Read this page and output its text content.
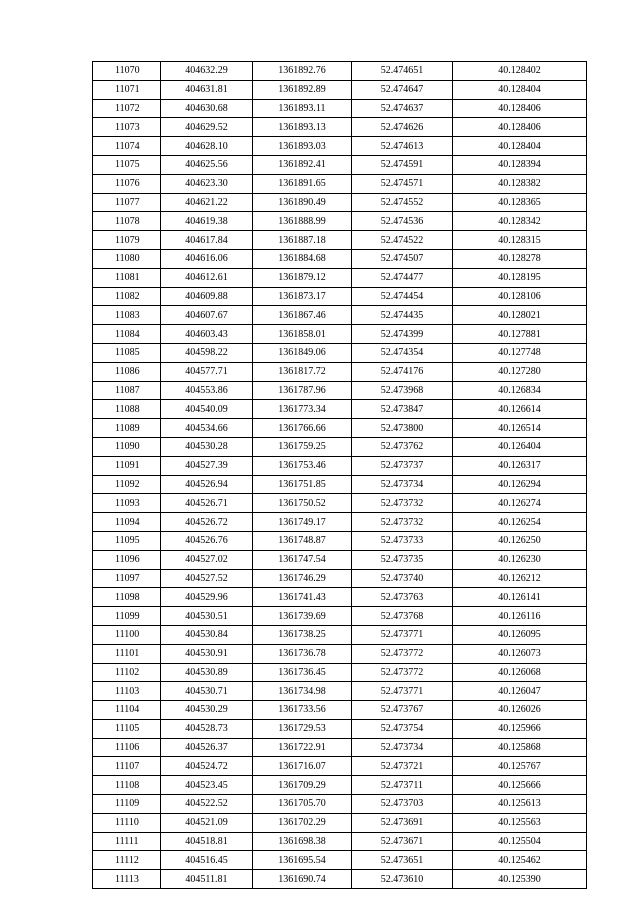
11070	404632.29	1361892.76	52.474651	40.128402
11071	404631.81	1361892.89	52.474647	40.128404
11072	404630.68	1361893.11	52.474637	40.128406
11073	404629.52	1361893.13	52.474626	40.128406
11074	404628.10	1361893.03	52.474613	40.128404
11075	404625.56	1361892.41	52.474591	40.128394
11076	404623.30	1361891.65	52.474571	40.128382
11077	404621.22	1361890.49	52.474552	40.128365
11078	404619.38	1361888.99	52.474536	40.128342
11079	404617.84	1361887.18	52.474522	40.128315
11080	404616.06	1361884.68	52.474507	40.128278
11081	404612.61	1361879.12	52.474477	40.128195
11082	404609.88	1361873.17	52.474454	40.128106
11083	404607.67	1361867.46	52.474435	40.128021
11084	404603.43	1361858.01	52.474399	40.127881
11085	404598.22	1361849.06	52.474354	40.127748
11086	404577.71	1361817.72	52.474176	40.127280
11087	404553.86	1361787.96	52.473968	40.126834
11088	404540.09	1361773.34	52.473847	40.126614
11089	404534.66	1361766.66	52.473800	40.126514
11090	404530.28	1361759.25	52.473762	40.126404
11091	404527.39	1361753.46	52.473737	40.126317
11092	404526.94	1361751.85	52.473734	40.126294
11093	404526.71	1361750.52	52.473732	40.126274
11094	404526.72	1361749.17	52.473732	40.126254
11095	404526.76	1361748.87	52.473733	40.126250
11096	404527.02	1361747.54	52.473735	40.126230
11097	404527.52	1361746.29	52.473740	40.126212
11098	404529.96	1361741.43	52.473763	40.126141
11099	404530.51	1361739.69	52.473768	40.126116
11100	404530.84	1361738.25	52.473771	40.126095
11101	404530.91	1361736.78	52.473772	40.126073
11102	404530.89	1361736.45	52.473772	40.126068
11103	404530.71	1361734.98	52.473771	40.126047
11104	404530.29	1361733.56	52.473767	40.126026
11105	404528.73	1361729.53	52.473754	40.125966
11106	404526.37	1361722.91	52.473734	40.125868
11107	404524.72	1361716.07	52.473721	40.125767
11108	404523.45	1361709.29	52.473711	40.125666
11109	404522.52	1361705.70	52.473703	40.125613
11110	404521.09	1361702.29	52.473691	40.125563
11111	404518.81	1361698.38	52.473671	40.125504
11112	404516.45	1361695.54	52.473651	40.125462
11113	404511.81	1361690.74	52.473610	40.125390
